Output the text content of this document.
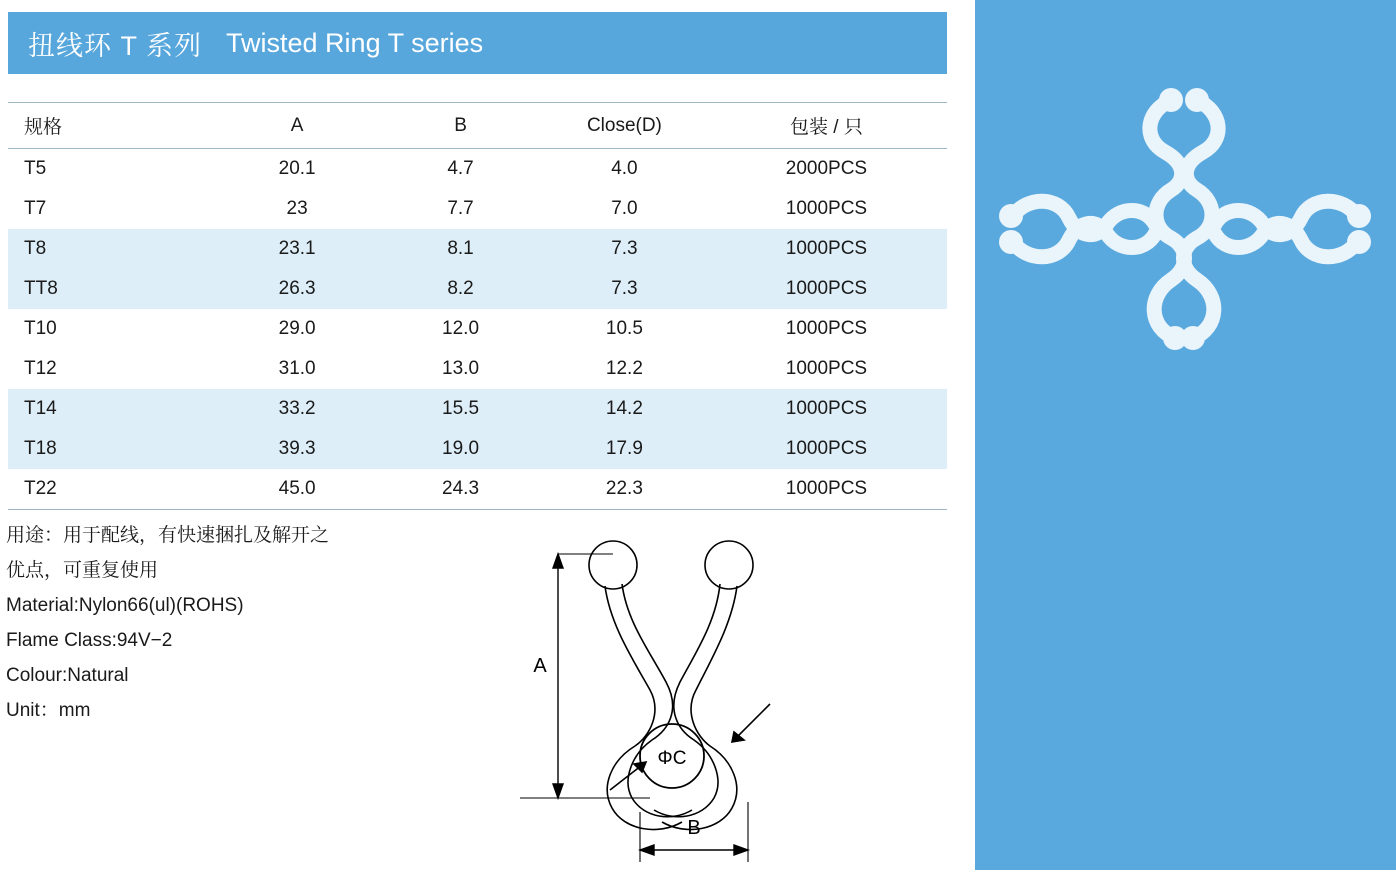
扭线环 T 系列 Twisted Ring T series
规格	A	B	Close(D)	包装 / 只
T5	20.1	4.7	4.0	2000PCS
T7	23	7.7	7.0	1000PCS
T8	23.1	8.1	7.3	1000PCS
TT8	26.3	8.2	7.3	1000PCS
T10	29.0	12.0	10.5	1000PCS
T12	31.0	13.0	12.2	1000PCS
T14	33.2	15.5	14.2	1000PCS
T18	39.3	19.0	17.9	1000PCS
T22	45.0	24.3	22.3	1000PCS
用途：用于配线，有快速捆扎及解开之
优点，可重复使用
Material:Nylon66(ul)(ROHS)
Flame Class:94V−2
Colour:Natural
Unit：mm
ΦC
A
B
